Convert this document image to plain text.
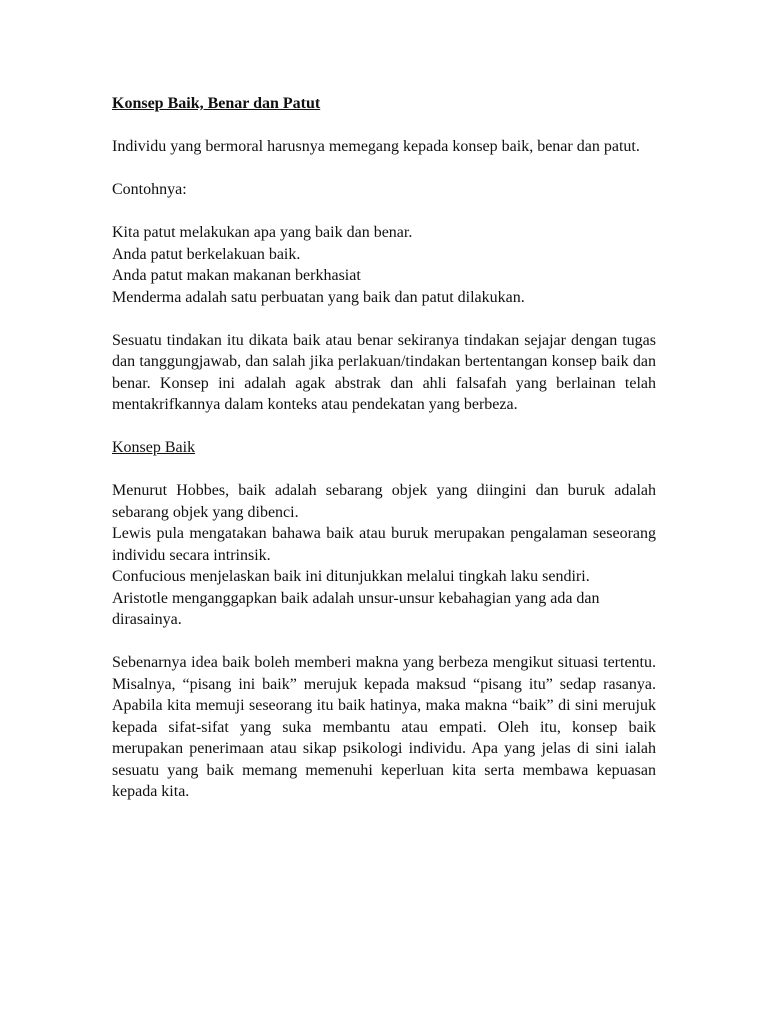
Konsep Baik, Benar dan Patut

Individu yang bermoral harusnya memegang kepada konsep baik, benar dan patut.

Contohnya:

Kita patut melakukan apa yang baik dan benar.

Anda patut berkelakuan baik.

Anda patut makan makanan berkhasiat

Menderma adalah satu perbuatan yang baik dan patut dilakukan.

Sesuatu tindakan itu dikata baik atau benar sekiranya tindakan sejajar dengan tugas dan tanggungjawab, dan salah jika perlakuan/tindakan bertentangan konsep baik dan benar. Konsep ini adalah agak abstrak dan ahli falsafah yang berlainan telah mentakrifkannya dalam konteks atau pendekatan yang berbeza.

Konsep Baik

Menurut Hobbes, baik adalah sebarang objek yang diingini dan buruk adalah sebarang objek yang dibenci.

Lewis pula mengatakan bahawa baik atau buruk merupakan pengalaman seseorang individu secara intrinsik.

Confucious menjelaskan baik ini ditunjukkan melalui tingkah laku sendiri.

Aristotle menganggapkan baik adalah unsur-unsur kebahagian yang ada dan dirasainya.

Sebenarnya idea baik boleh memberi makna yang berbeza mengikut situasi tertentu. Misalnya, “pisang ini baik” merujuk kepada maksud “pisang itu” sedap rasanya. Apabila kita memuji seseorang itu baik hatinya, maka makna “baik” di sini merujuk kepada sifat-sifat yang suka membantu atau empati. Oleh itu, konsep baik merupakan penerimaan atau sikap psikologi individu. Apa yang jelas di sini ialah sesuatu yang baik memang memenuhi keperluan kita serta membawa kepuasan kepada kita.
